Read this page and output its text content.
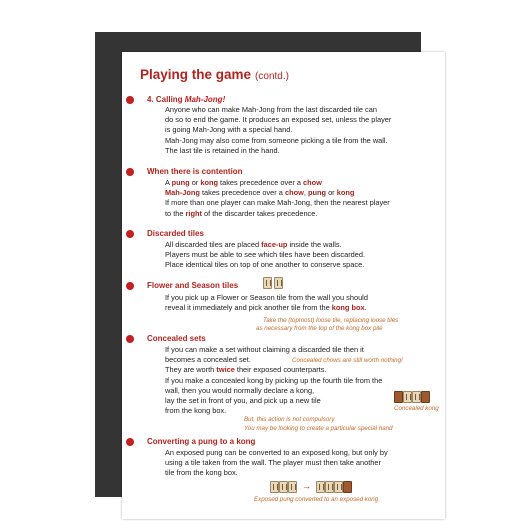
Playing the game (contd.)
4. Calling Mah-Jong!
Anyone who can make Mah-Jong from the last discarded tile can
do so to end the game. It produces an exposed set, unless the player
is going Mah-Jong with a special hand.
Mah-Jong may also come from someone picking a tile from the wall.
The last tile is retained in the hand.
When there is contention
A pung or kong takes precedence over a chow
Mah-Jong takes precedence over a chow, pung or kong
If more than one player can make Mah-Jong, then the nearest player
to the right of the discarder takes precedence.
Discarded tiles
All discarded tiles are placed face-up inside the walls.
Players must be able to see which tiles have been discarded.
Place identical tiles on top of one another to conserve space.
Flower and Season tiles
If you pick up a Flower or Season tile from the wall you should
reveal it immediately and pick another tile from the kong box.
Take the (topmost) loose tile, replacing loose tiles
as necessary from the top of the kong box pile
Concealed sets
If you can make a set without claiming a discarded tile then it
becomes a concealed set.
They are worth twice their exposed counterparts.
If you make a concealed kong by picking up the fourth tile from the
wall, then you would normally declare a kong,
lay the set in front of you, and pick up a new tile
from the kong box.
Concealed chows are still worth nothing!
Concealed kong
But, this action is not compulsory
You may be looking to create a particular special hand
Converting a pung to a kong
An exposed pung can be converted to an exposed kong, but only by
using a tile taken from the wall. The player must then take another
tile from the kong box.
→
Exposed pung converted to an exposed kong
